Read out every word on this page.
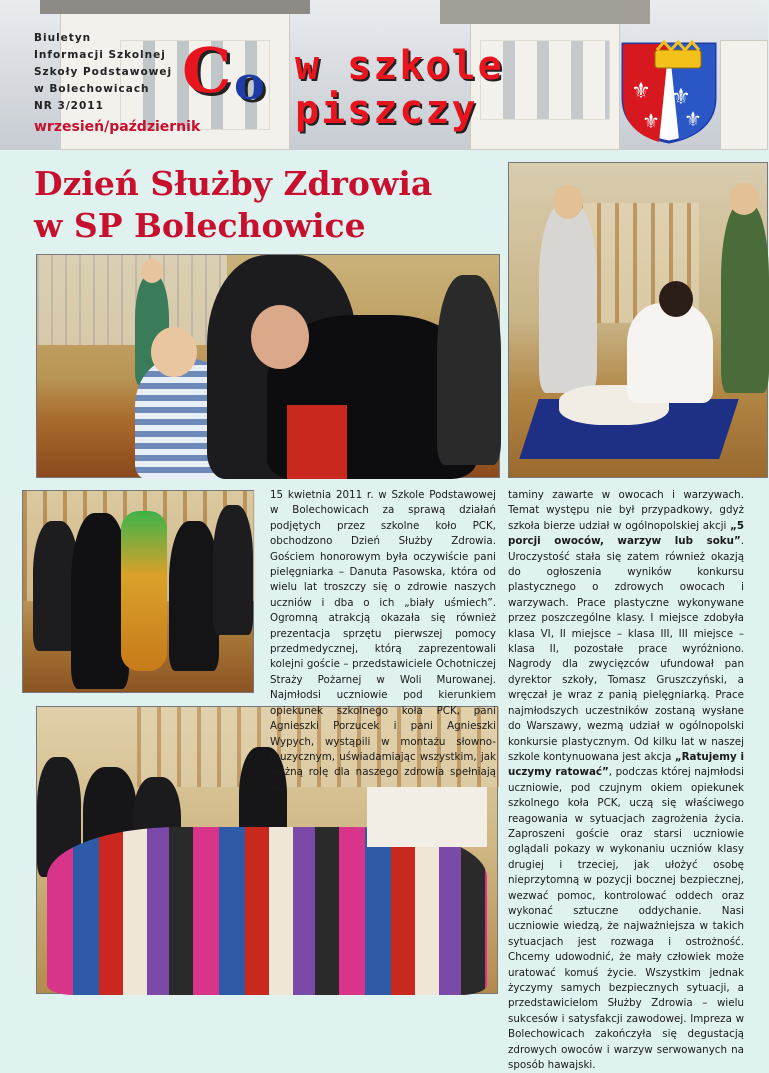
Biuletyn
Informacji Szkolnej
Szkoły Podstawowej
w Bolechowicach
NR 3/2011
wrzesień/październik
C o w szkole
piszczy	⚜ ⚜
⚜ ⚜
Dzień Służby Zdrowia
w SP Bolechowice
15 kwietnia 2011 r. w Szkole Podstawowej w Bolechowicach za sprawą działań podjętych przez szkolne koło PCK, obchodzono Dzień Służby Zdrowia. Gościem honorowym była oczywiście pani pielęgniarka – Danuta Pasowska, która od wielu lat troszczy się o zdrowie naszych uczniów i dba o ich „biały uśmiech”. Ogromną atrakcją okazała się również prezentacja sprzętu pierwszej pomocy przedmedycznej, którą zaprezentowali kolejni goście – przedstawiciele Ochotniczej Straży Pożarnej w Woli Murowanej. Najmłodsi uczniowie pod kierunkiem opiekunek szkolnego koła PCK, pani Agnieszki Porzucek i pani Agnieszki Wypych, wystąpili w montażu słowno- muzycznym, uświadamiając wszystkim, jak ważną rolę dla naszego zdrowia spełniają wi-
taminy zawarte w owocach i warzywach. Temat występu nie był przypadkowy, gdyż szkoła bierze udział w ogólnopolskiej akcji „5 porcji owoców, warzyw lub soku”. Uroczystość stała się zatem również okazją do ogłoszenia wyników konkursu plastycznego o zdrowych owocach i warzywach. Prace plastyczne wykonywane przez poszczególne klasy. I miejsce zdobyła klasa VI, II miejsce – klasa III, III miejsce – klasa II, pozostałe prace wyróżniono. Nagrody dla zwycięzców ufundował pan dyrektor szkoły, Tomasz Gruszczyński, a wręczał je wraz z panią pielęgniarką. Prace najmłodszych uczestników zostaną wysłane do Warszawy, wezmą udział w ogólnopolski konkursie plastycznym. Od kilku lat w naszej szkole kontynuowana jest akcja „Ratujemy i uczymy ratować”, podczas której najmłodsi uczniowie, pod czujnym okiem opiekunek szkolnego koła PCK, uczą się właściwego reagowania w sytuacjach zagrożenia życia. Zaproszeni goście oraz starsi uczniowie oglądali pokazy w wykonaniu uczniów klasy drugiej i trzeciej, jak ułożyć osobę nieprzytomną w pozycji bocznej bezpiecznej, wezwać pomoc, kontrolować oddech oraz wykonać sztuczne oddychanie. Nasi uczniowie wiedzą, że najważniejsza w takich sytuacjach jest rozwaga i ostrożność. Chcemy udowodnić, że mały człowiek może uratować komuś życie. Wszystkim jednak życzymy samych bezpiecznych sytuacji, a przedstawicielom Służby Zdrowia – wielu sukcesów i satysfakcji zawodowej. Impreza w Bolechowicach zakończyła się degustacją zdrowych owoców i warzyw serwowanych na sposób hawajski.
